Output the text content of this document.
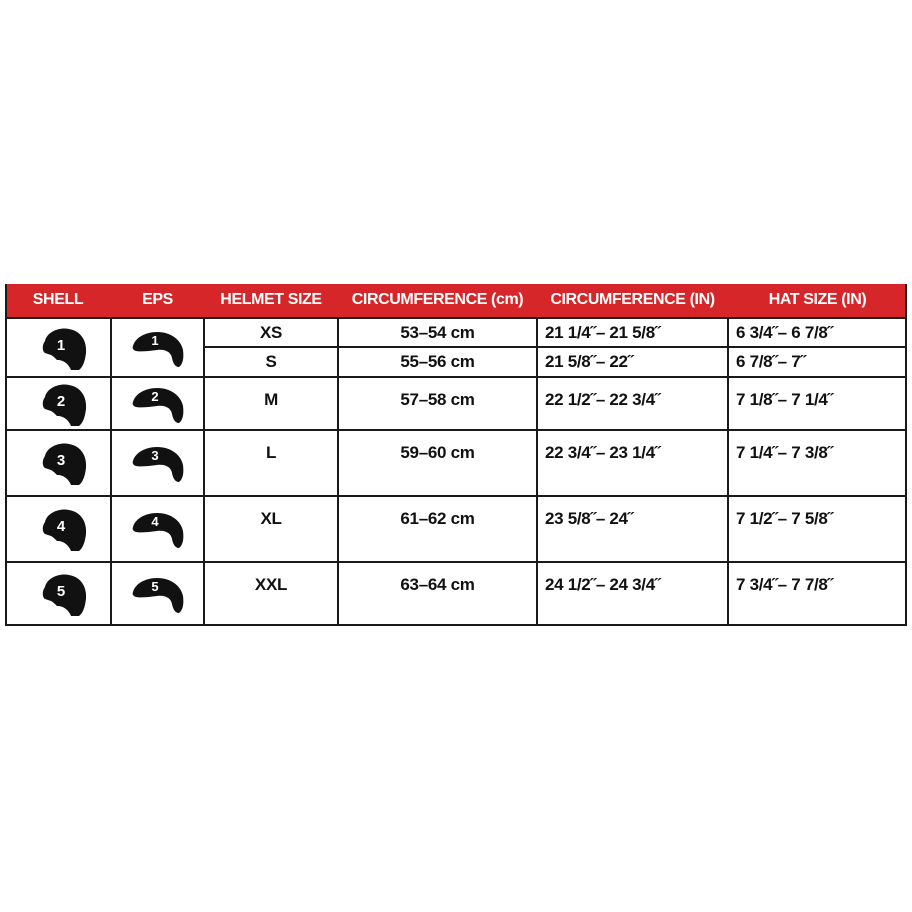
SHELL	EPS	HELMET SIZE	CIRCUMFERENCE (cm)	CIRCUMFERENCE (IN)	HAT SIZE (IN)
1	1	XS	53–54 cm	21 1/4˝– 21 5/8˝	6 3/4˝– 6 7/8˝
S	55–56 cm	21 5/8˝– 22˝	6 7/8˝– 7˝
2	2	M	57–58 cm	22 1/2˝– 22 3/4˝	7 1/8˝– 7 1/4˝
3	3	L	59–60 cm	22 3/4˝– 23 1/4˝	7 1/4˝– 7 3/8˝
4	4	XL	61–62 cm	23 5/8˝– 24˝	7 1/2˝– 7 5/8˝
5	5	XXL	63–64 cm	24 1/2˝– 24 3/4˝	7 3/4˝– 7 7/8˝
